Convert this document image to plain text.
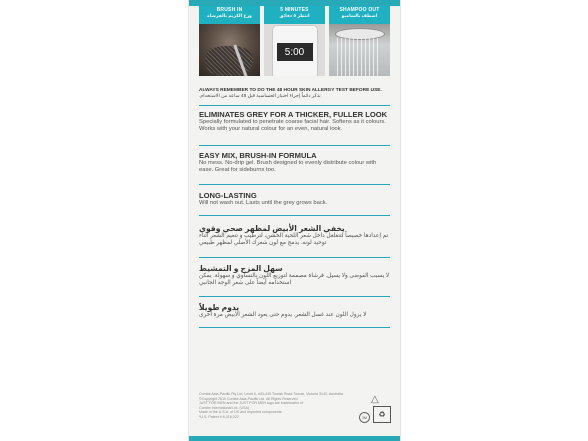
BRUSH IN
وزع الكريم بالفرشاة
5 MINUTES
انتظر ٥ دقائق
5:00
SHAMPOO OUT
اشطف بالشامبو
ALWAYS REMEMBER TO DO THE 48 HOUR SKIN ALLERGY TEST BEFORE USE.
تذكر دائماً إجراء اختبار الحساسية قبل 48 ساعة من الاستخدام.
ELIMINATES GREY FOR A THICKER, FULLER LOOK
Specially formulated to penetrate coarse facial hair. Softens as it colours. Works with your natural colour for an even, natural look.
EASY MIX, BRUSH-IN FORMULA
No mess. No-drip gel. Brush designed to evenly distribute colour with ease. Great for sideburns too.
LONG-LASTING
Will not wash out. Lasts until the grey grows back.
يخفي الشعر الأبيض لمظهر صحي وقوي
تم إعدادها خصيصاً لتتغلغل داخل شعر اللحية الخشن، لترطيب و تنعيم الشعر أثناء توحيد لونه. يدمج مع لون شعرك الأصلي لمظهر طبيعي
سهل المزج و التمشيط
لا يسبب الفوضى ولا يسيل. فرشاة مصممة لتوزيع اللون بالتساوي و سهولة. يمكن استخدامه أيضاً على شعر الوجه الجانبي
يدوم طويلاً
لا يزول اللون عند غسل الشعر. يدوم حتى يعود الشعر الأبيض مرة أخرى
Combe Asia-Pacific Pty Ltd, Level 6, 443-449 Toorak Road Toorak, Victoria 3142, Australia
©Copyright 2010 Combe Asia-Pacific Ltd. All Rights Reserved
JUST FOR MEN and the JUST FOR MEN logo are trademarks of
Combe International Ltd. (USA)
Made in the U.S.A. of US and imported components
*U.S. Patent # 6,318,022
△
3M	♻
